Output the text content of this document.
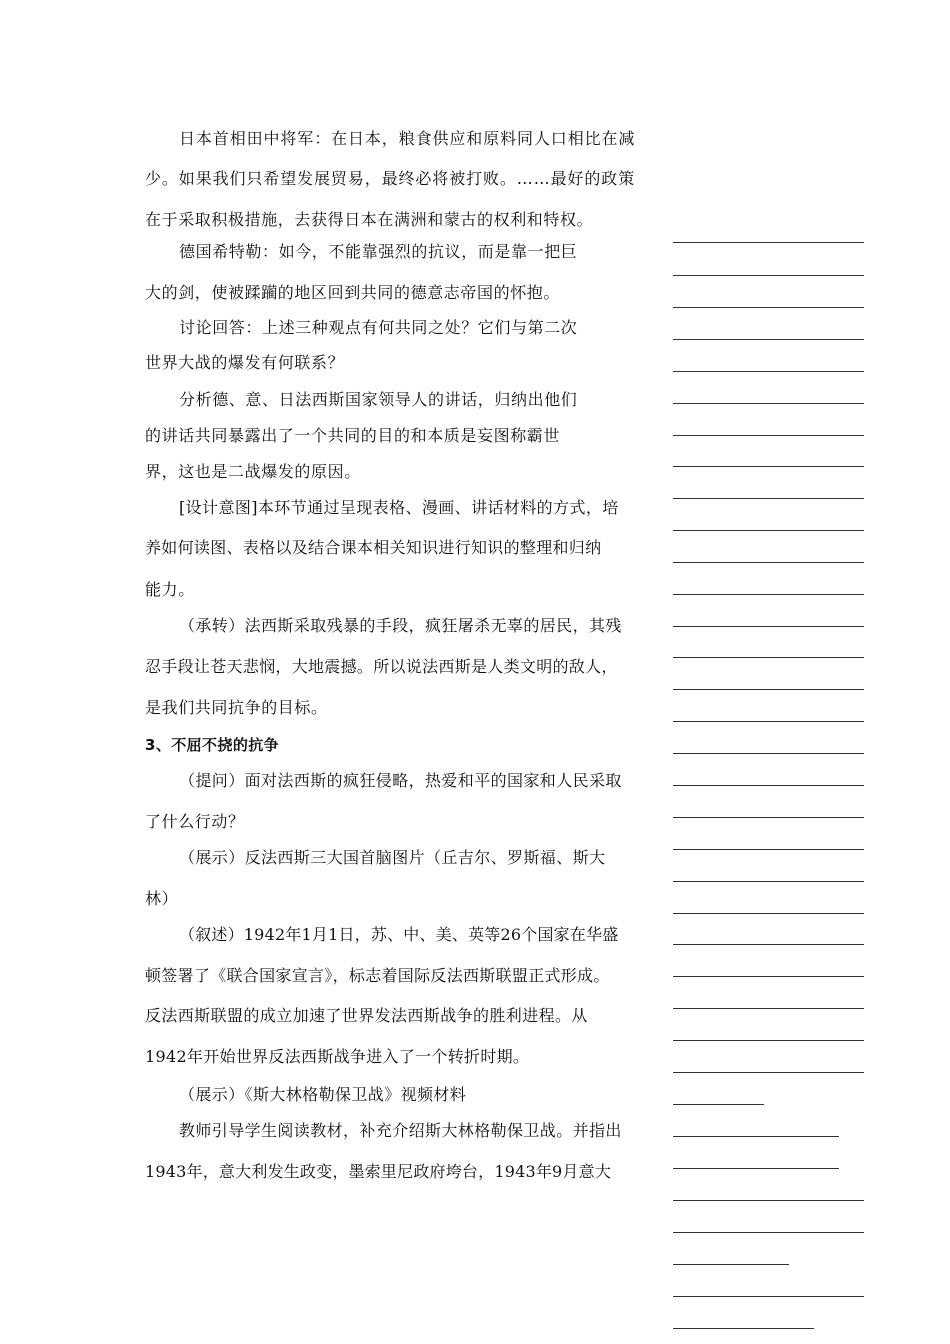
日本首相田中将军：在日本，粮食供应和原料同人口相比在减
少。如果我们只希望发展贸易，最终必将被打败。……最好的政策
在于采取积极措施，去获得日本在满洲和蒙古的权利和特权。
德国希特勒：如今，不能靠强烈的抗议，而是靠一把巨
大的剑，使被蹂躏的地区回到共同的德意志帝国的怀抱。
讨论回答：上述三种观点有何共同之处？它们与第二次
世界大战的爆发有何联系？
分析德、意、日法西斯国家领导人的讲话，归纳出他们
的讲话共同暴露出了一个共同的目的和本质是妄图称霸世
界，这也是二战爆发的原因。
[设计意图]本环节通过呈现表格、漫画、讲话材料的方式，培
养如何读图、表格以及结合课本相关知识进行知识的整理和归纳
能力。
（承转）法西斯采取残暴的手段，疯狂屠杀无辜的居民，其残
忍手段让苍天悲悯，大地震撼。所以说法西斯是人类文明的敌人，
是我们共同抗争的目标。
3、不屈不挠的抗争
（提问）面对法西斯的疯狂侵略，热爱和平的国家和人民采取
了什么行动？
（展示）反法西斯三大国首脑图片（丘吉尔、罗斯福、斯大
林）
（叙述）1942年1月1日，苏、中、美、英等26个国家在华盛
顿签署了《联合国家宣言》，标志着国际反法西斯联盟正式形成。
反法西斯联盟的成立加速了世界发法西斯战争的胜利进程。从
1942年开始世界反法西斯战争进入了一个转折时期。
（展示）《斯大林格勒保卫战》视频材料
教师引导学生阅读教材，补充介绍斯大林格勒保卫战。并指出
1943年，意大利发生政变，墨索里尼政府垮台，1943年9月意大
